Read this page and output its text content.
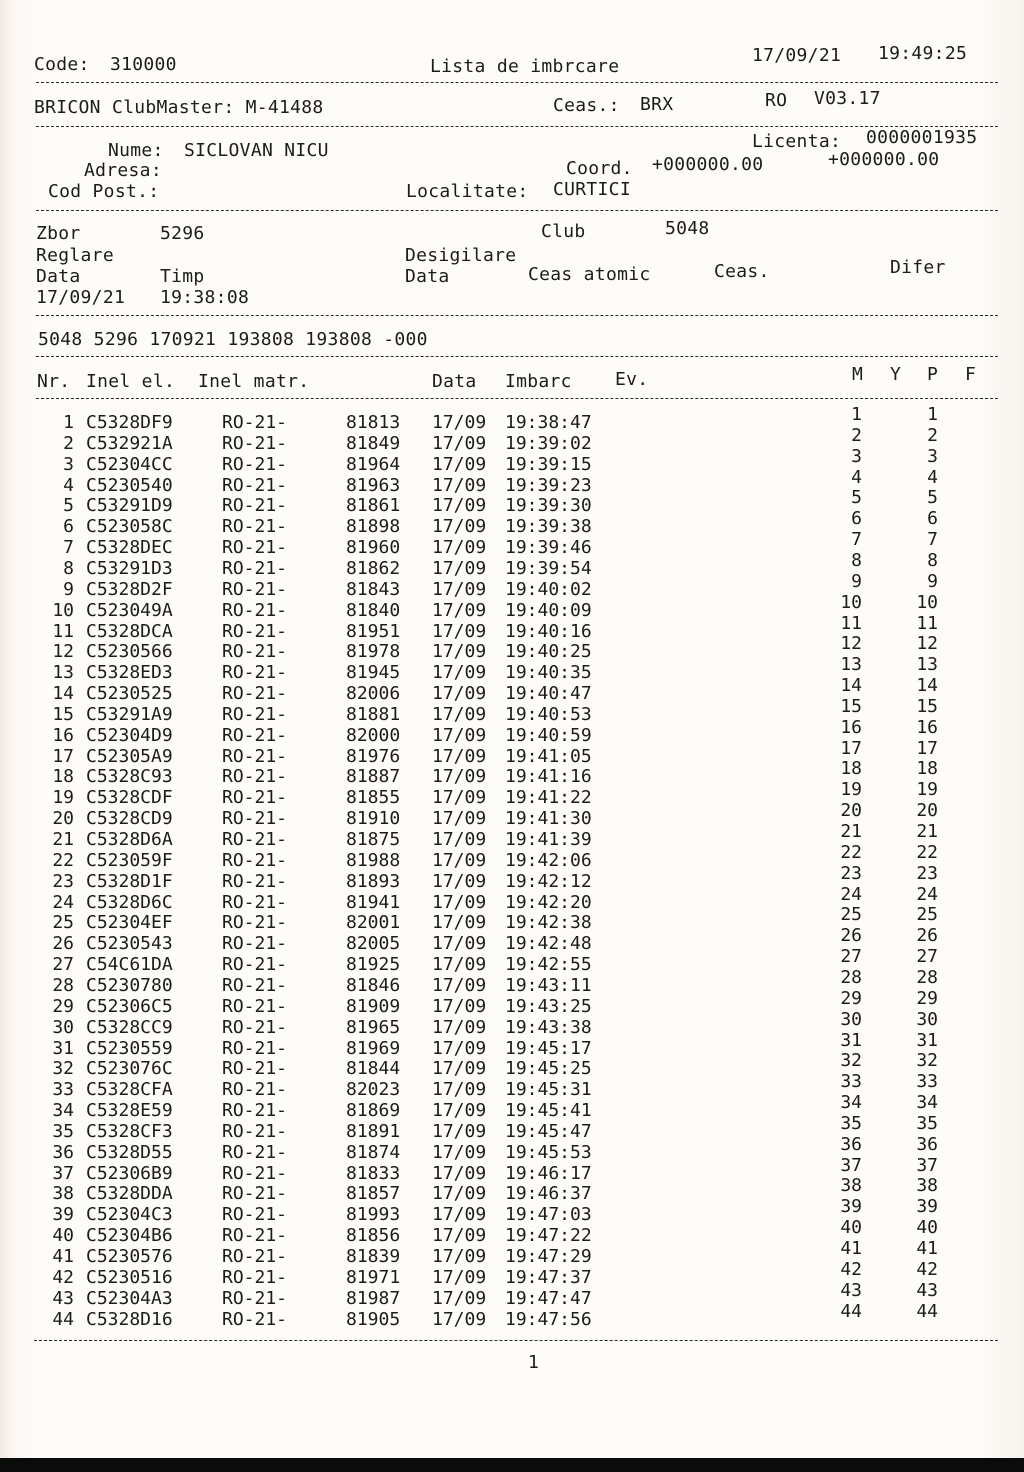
Code: 310000	Lista de imbrcare
17/09/21 19:49:25
BRICON ClubMaster: M-41488	Ceas.: BRX	RO V03.17
Licenta: 0000001935
Nume: SICLOVAN NICU
Adresa:	Coord. +000000.00	+000000.00
Cod Post.:	Localitate: CURTICI
Zbor	5296	Club	5048
Reglare	Desigilare
Data	Timp	Data	Ceas atomic	Ceas.	Difer
17/09/21 19:38:08
5048 5296 170921 193808 193808 -000
Nr. Inel el. Inel matr.	Data Imbarc Ev.	M Y P F
1 C5328DF9	RO-21-	81813 17/09 19:38:47	1	1
2 C532921A	RO-21-	81849 17/09 19:39:02	2	2
3 C52304CC	RO-21-	81964 17/09 19:39:15	3	3
4 C5230540	RO-21-	81963 17/09 19:39:23	4	4
5 C53291D9	RO-21-	81861 17/09 19:39:30	5	5
6 C523058C	RO-21-	81898 17/09 19:39:38	6	6
7 C5328DEC	RO-21-	81960 17/09 19:39:46	7	7
8 C53291D3	RO-21-	81862 17/09 19:39:54	8	8
9 C5328D2F	RO-21-	81843 17/09 19:40:02	9	9
10 C523049A	RO-21-	81840 17/09 19:40:09	10	10
11 C5328DCA	RO-21-	81951 17/09 19:40:16	11	11
12 C5230566	RO-21-	81978 17/09 19:40:25	12	12
13 C5328ED3	RO-21-	81945 17/09 19:40:35	13	13
14 C5230525	RO-21-	82006 17/09 19:40:47	14	14
15 C53291A9	RO-21-	81881 17/09 19:40:53	15	15
16 C52304D9	RO-21-	82000 17/09 19:40:59	16	16
17 C52305A9	RO-21-	81976 17/09 19:41:05	17	17
18 C5328C93	RO-21-	81887 17/09 19:41:16	18	18
19 C5328CDF	RO-21-	81855 17/09 19:41:22	19	19
20 C5328CD9	RO-21-	81910 17/09 19:41:30	20	20
21 C5328D6A	RO-21-	81875 17/09 19:41:39	21	21
22 C523059F	RO-21-	81988 17/09 19:42:06	22	22
23 C5328D1F	RO-21-	81893 17/09 19:42:12	23	23
24 C5328D6C	RO-21-	81941 17/09 19:42:20	24	24
25 C52304EF	RO-21-	82001 17/09 19:42:38	25	25
26 C5230543	RO-21-	82005 17/09 19:42:48	26	26
27 C54C61DA	RO-21-	81925 17/09 19:42:55	27	27
28 C5230780	RO-21-	81846 17/09 19:43:11	28	28
29 C52306C5	RO-21-	81909 17/09 19:43:25	29	29
30 C5328CC9	RO-21-	81965 17/09 19:43:38	30	30
31 C5230559	RO-21-	81969 17/09 19:45:17	31	31
32 C523076C	RO-21-	81844 17/09 19:45:25	32	32
33 C5328CFA	RO-21-	82023 17/09 19:45:31	33	33
34 C5328E59	RO-21-	81869 17/09 19:45:41	34	34
35 C5328CF3	RO-21-	81891 17/09 19:45:47	35	35
36 C5328D55	RO-21-	81874 17/09 19:45:53	36	36
37 C52306B9	RO-21-	81833 17/09 19:46:17	37	37
38 C5328DDA	RO-21-	81857 17/09 19:46:37	38	38
39 C52304C3	RO-21-	81993 17/09 19:47:03	39	39
40 C52304B6	RO-21-	81856 17/09 19:47:22	40	40
41 C5230576	RO-21-	81839 17/09 19:47:29	41	41
42 C5230516	RO-21-	81971 17/09 19:47:37	42	42
43 C52304A3	RO-21-	81987 17/09 19:47:47	43	43
44 C5328D16	RO-21-	81905 17/09 19:47:56	44	44
1
